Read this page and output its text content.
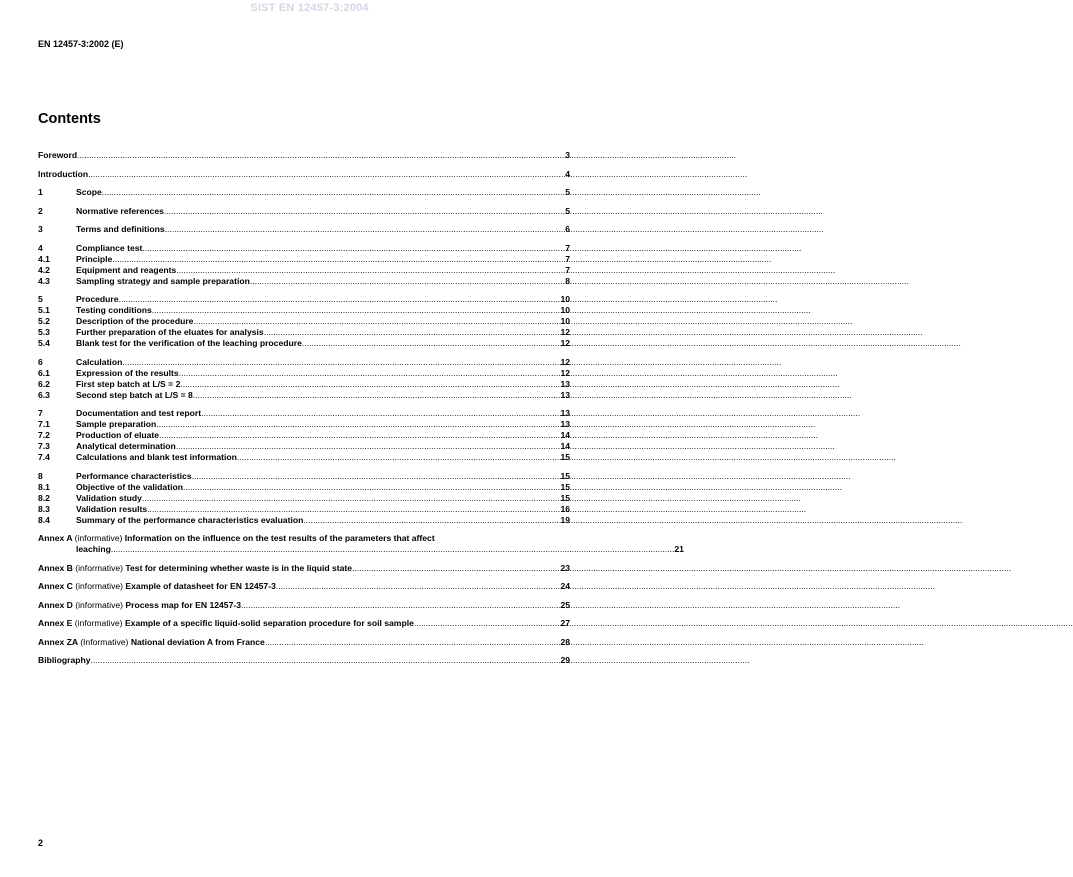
SIST EN 12457-3:2004
EN 12457-3:2002 (E)
Contents
Foreword .....	3
Introduction .....	4
1	Scope .....	5
2	Normative references .....	5
3	Terms and definitions .....	6
4	Compliance test .....	7
4.1	Principle .....	7
4.2	Equipment and reagents .....	7
4.3	Sampling strategy and sample preparation .....	8
5	Procedure .....	10
5.1	Testing conditions .....	10
5.2	Description of the procedure .....	10
5.3	Further preparation of the eluates for analysis .....	12
5.4	Blank test for the verification of the leaching procedure .....	12
6	Calculation .....	12
6.1	Expression of the results .....	12
6.2	First step batch at L/S = 2 .....	13
6.3	Second step batch at L/S = 8 .....	13
7	Documentation and test report .....	13
7.1	Sample preparation .....	13
7.2	Production of eluate .....	14
7.3	Analytical determination .....	14
7.4	Calculations and blank test information .....	15
8	Performance characteristics .....	15
8.1	Objective of the validation .....	15
8.2	Validation study .....	15
8.3	Validation results .....	16
8.4	Summary of the performance characteristics evaluation .....	19
Annex A (informative) Information on the influence on the test results of the parameters that affect
leaching .....	21
Annex B (informative) Test for determining whether waste is in the liquid state .....	23
Annex C (informative) Example of datasheet for EN 12457-3 .....	24
Annex D (informative) Process map for EN 12457-3 .....	25
Annex E (informative) Example of a specific liquid-solid separation procedure for soil sample .....	27
Annex ZA (Informative) National deviation A from France .....	28
Bibliography .....	29
2
